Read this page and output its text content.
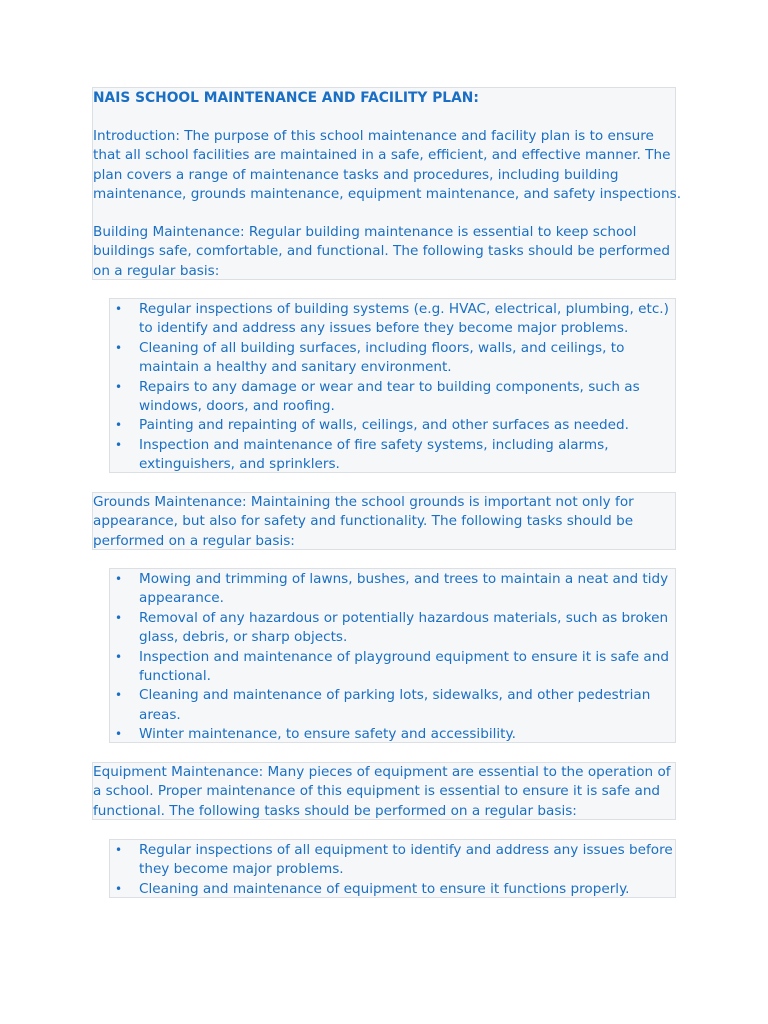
NAIS SCHOOL MAINTENANCE AND FACILITY PLAN:
Introduction: The purpose of this school maintenance and facility plan is to ensure
that all school facilities are maintained in a safe, efficient, and effective manner. The
plan covers a range of maintenance tasks and procedures, including building
maintenance, grounds maintenance, equipment maintenance, and safety inspections.
Building Maintenance: Regular building maintenance is essential to keep school
buildings safe, comfortable, and functional. The following tasks should be performed
on a regular basis:
• Regular inspections of building systems (e.g. HVAC, electrical, plumbing, etc.)
to identify and address any issues before they become major problems.
• Cleaning of all building surfaces, including floors, walls, and ceilings, to
maintain a healthy and sanitary environment.
• Repairs to any damage or wear and tear to building components, such as
windows, doors, and roofing.
• Painting and repainting of walls, ceilings, and other surfaces as needed.
• Inspection and maintenance of fire safety systems, including alarms,
extinguishers, and sprinklers.
Grounds Maintenance: Maintaining the school grounds is important not only for
appearance, but also for safety and functionality. The following tasks should be
performed on a regular basis:
• Mowing and trimming of lawns, bushes, and trees to maintain a neat and tidy
appearance.
• Removal of any hazardous or potentially hazardous materials, such as broken
glass, debris, or sharp objects.
• Inspection and maintenance of playground equipment to ensure it is safe and
functional.
• Cleaning and maintenance of parking lots, sidewalks, and other pedestrian
areas.
• Winter maintenance, to ensure safety and accessibility.
Equipment Maintenance: Many pieces of equipment are essential to the operation of
a school. Proper maintenance of this equipment is essential to ensure it is safe and
functional. The following tasks should be performed on a regular basis:
• Regular inspections of all equipment to identify and address any issues before
they become major problems.
• Cleaning and maintenance of equipment to ensure it functions properly.
